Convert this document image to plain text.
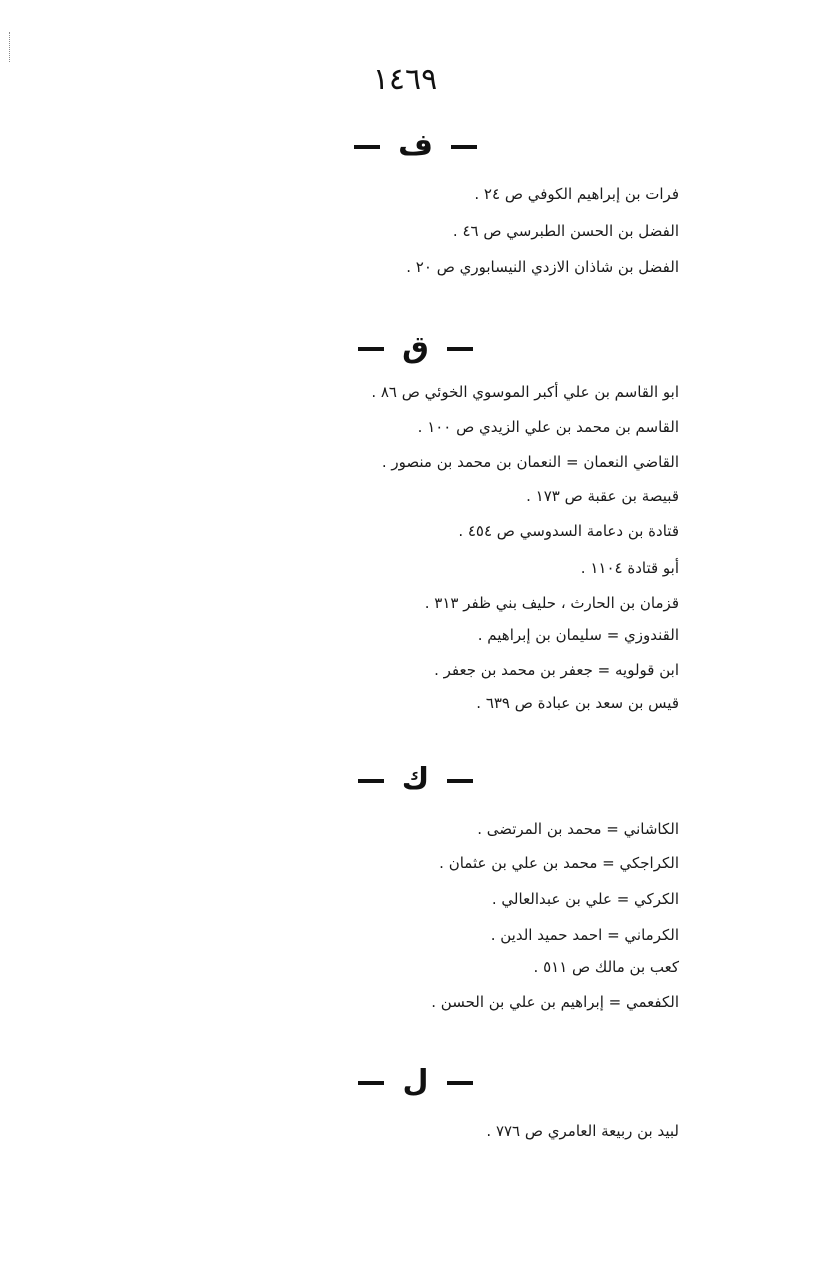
١٤٦٩
ف
فرات بن إبراهيم الكوفي ص ٢٤ .
الفضل بن الحسن الطبرسي ص ٤٦ .
الفضل بن شاذان الازدي النيسابوري ص ٢٠ .
ق
ابو القاسم بن علي أكبر الموسوي الخوئي ص ٨٦ .
القاسم بن محمد بن علي الزيدي ص ١٠٠ .
القاضي النعمان = النعمان بن محمد بن منصور .
قبيصة بن عقبة ص ١٧٣ .
قتادة بن دعامة السدوسي ص ٤٥٤ .
أبو قتادة ١١٠٤ .
قزمان بن الحارث ، حليف بني ظفر ٣١٣ .
القندوزي = سليمان بن إبراهيم .
ابن قولويه = جعفر بن محمد بن جعفر .
قيس بن سعد بن عبادة ص ٦٣٩ .
ك
الكاشاني = محمد بن المرتضى .
الكراجكي = محمد بن علي بن عثمان .
الكركي = علي بن عبدالعالي .
الكرماني = احمد حميد الدين .
كعب بن مالك ص ٥١١ .
الكفعمي = إبراهيم بن علي بن الحسن .
ل
لبيد بن ربيعة العامري ص ٧٧٦ .
